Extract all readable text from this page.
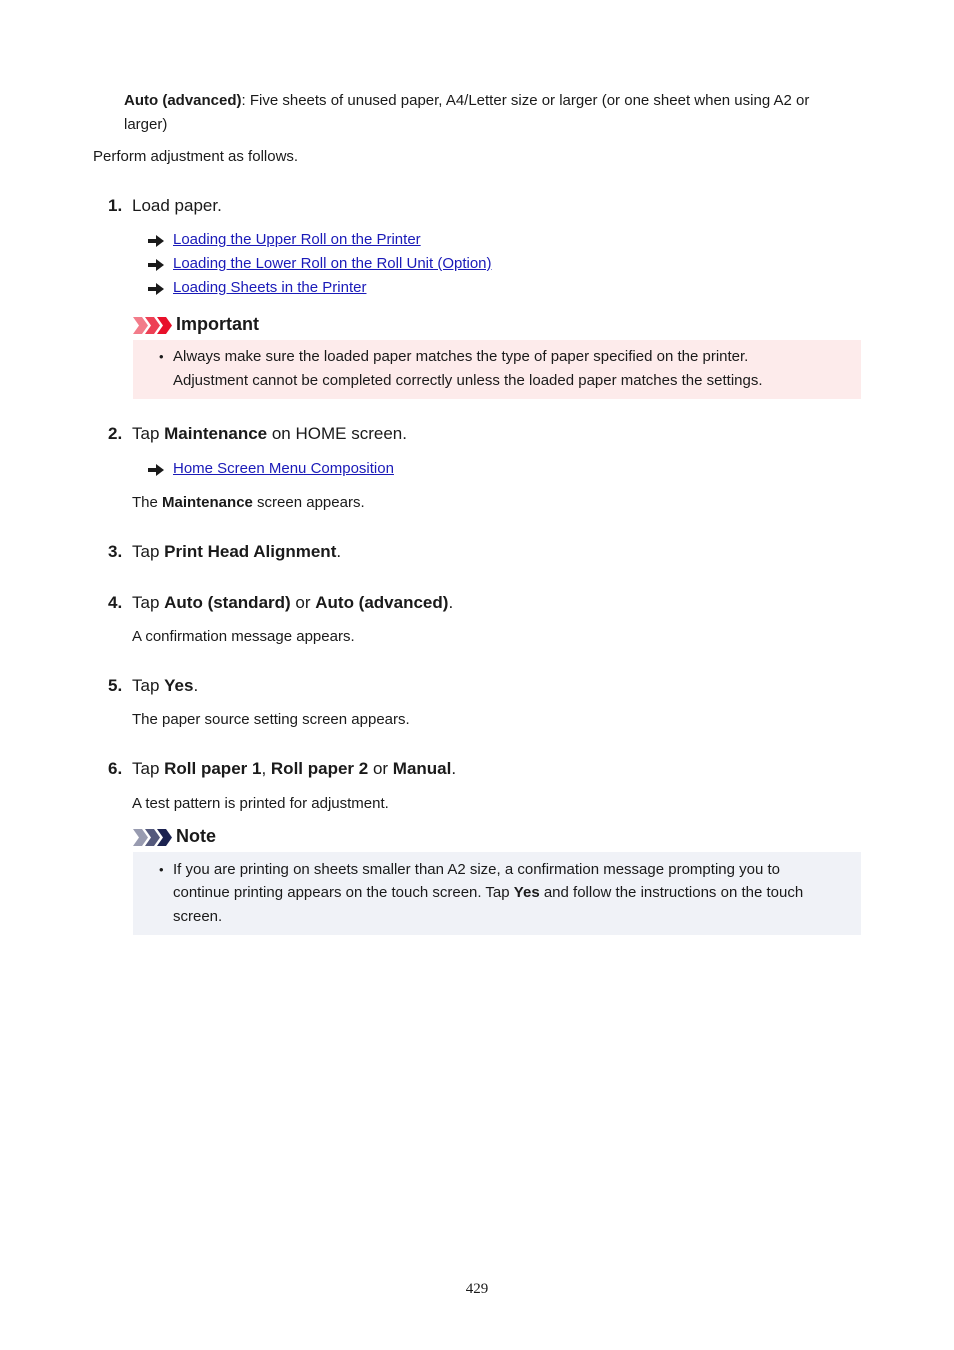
Auto (advanced): Five sheets of unused paper, A4/Letter size or larger (or one sheet when using A2 or
larger)
Perform adjustment as follows.
1. Load paper.
Loading the Upper Roll on the Printer
Loading the Lower Roll on the Roll Unit (Option)
Loading Sheets in the Printer
Important
• Always make sure the loaded paper matches the type of paper specified on the printer.
Adjustment cannot be completed correctly unless the loaded paper matches the settings.
2. Tap Maintenance on HOME screen.
Home Screen Menu Composition
The Maintenance screen appears.
3. Tap Print Head Alignment.
4. Tap Auto (standard) or Auto (advanced).
A confirmation message appears.
5. Tap Yes.
The paper source setting screen appears.
6. Tap Roll paper 1, Roll paper 2 or Manual.
A test pattern is printed for adjustment.
Note
• If you are printing on sheets smaller than A2 size, a confirmation message prompting you to
continue printing appears on the touch screen. Tap Yes and follow the instructions on the touch
screen.
429
